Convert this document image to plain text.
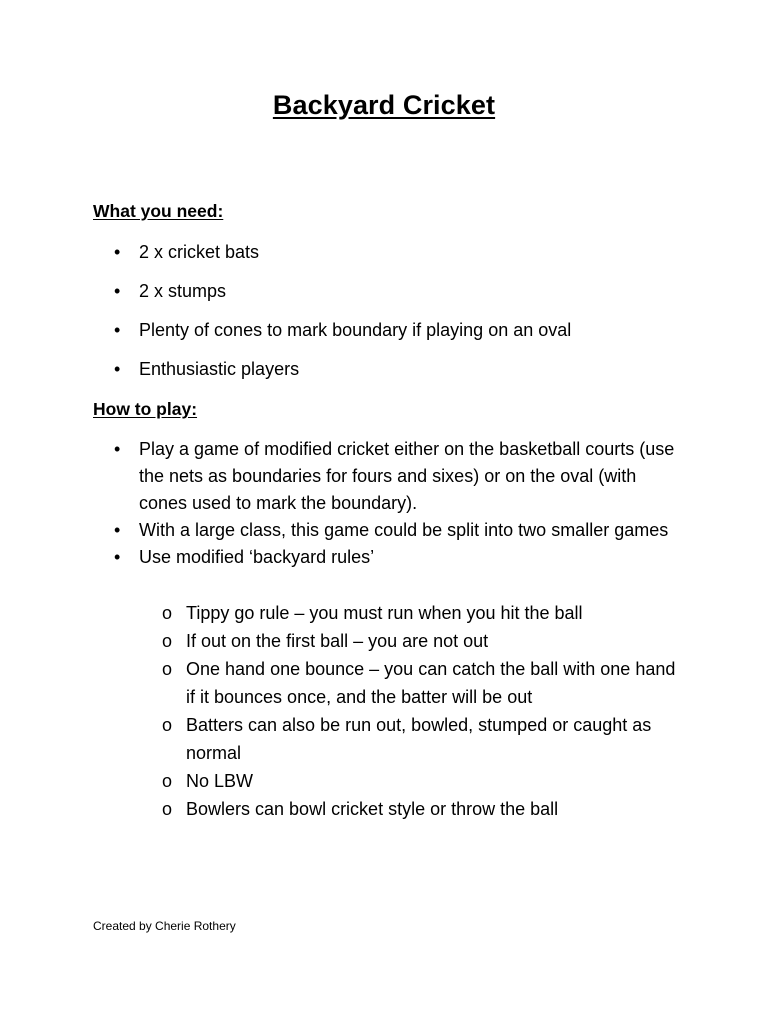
Backyard Cricket
What you need:
• 2 x cricket bats
• 2 x stumps
• Plenty of cones to mark boundary if playing on an oval
• Enthusiastic players
How to play:
• Play a game of modified cricket either on the basketball courts (use the nets as boundaries for fours and sixes) or on the oval (with cones used to mark the boundary).
• With a large class, this game could be split into two smaller games
• Use modified ‘backyard rules’
o Tippy go rule – you must run when you hit the ball
o If out on the first ball – you are not out
o One hand one bounce – you can catch the ball with one hand if it bounces once, and the batter will be out
o Batters can also be run out, bowled, stumped or caught as normal
o No LBW
o Bowlers can bowl cricket style or throw the ball
Created by Cherie Rothery
